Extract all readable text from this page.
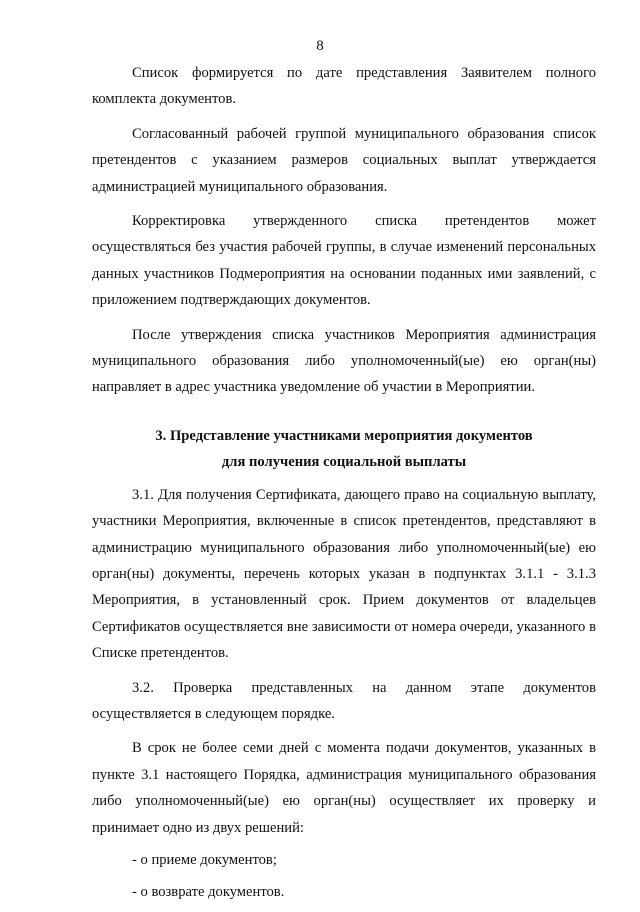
8

Список формируется по дате представления Заявителем полного комплекта документов.

Согласованный рабочей группой муниципального образования список претендентов с указанием размеров социальных выплат утверждается администрацией муниципального образования.

Корректировка утвержденного списка претендентов может осуществляться без участия рабочей группы, в случае изменений персональных данных участников Подмероприятия на основании поданных ими заявлений, с приложением подтверждающих документов.

После утверждения списка участников Мероприятия администрация муниципального образования либо уполномоченный(ые) ею орган(ны) направляет в адрес участника уведомление об участии в Мероприятии.

3. Представление участниками мероприятия документов

для получения социальной выплаты

3.1. Для получения Сертификата, дающего право на социальную выплату, участники Мероприятия, включенные в список претендентов, представляют в администрацию муниципального образования либо уполномоченный(ые) ею орган(ны) документы, перечень которых указан в подпунктах 3.1.1 - 3.1.3 Мероприятия, в установленный срок. Прием документов от владельцев Сертификатов осуществляется вне зависимости от номера очереди, указанного в Списке претендентов.

3.2. Проверка представленных на данном этапе документов осуществляется в следующем порядке.

В срок не более семи дней с момента подачи документов, указанных в пункте 3.1 настоящего Порядка, администрация муниципального образования либо уполномоченный(ые) ею орган(ны) осуществляет их проверку и принимает одно из двух решений:

- о приеме документов;
- о возврате документов.
